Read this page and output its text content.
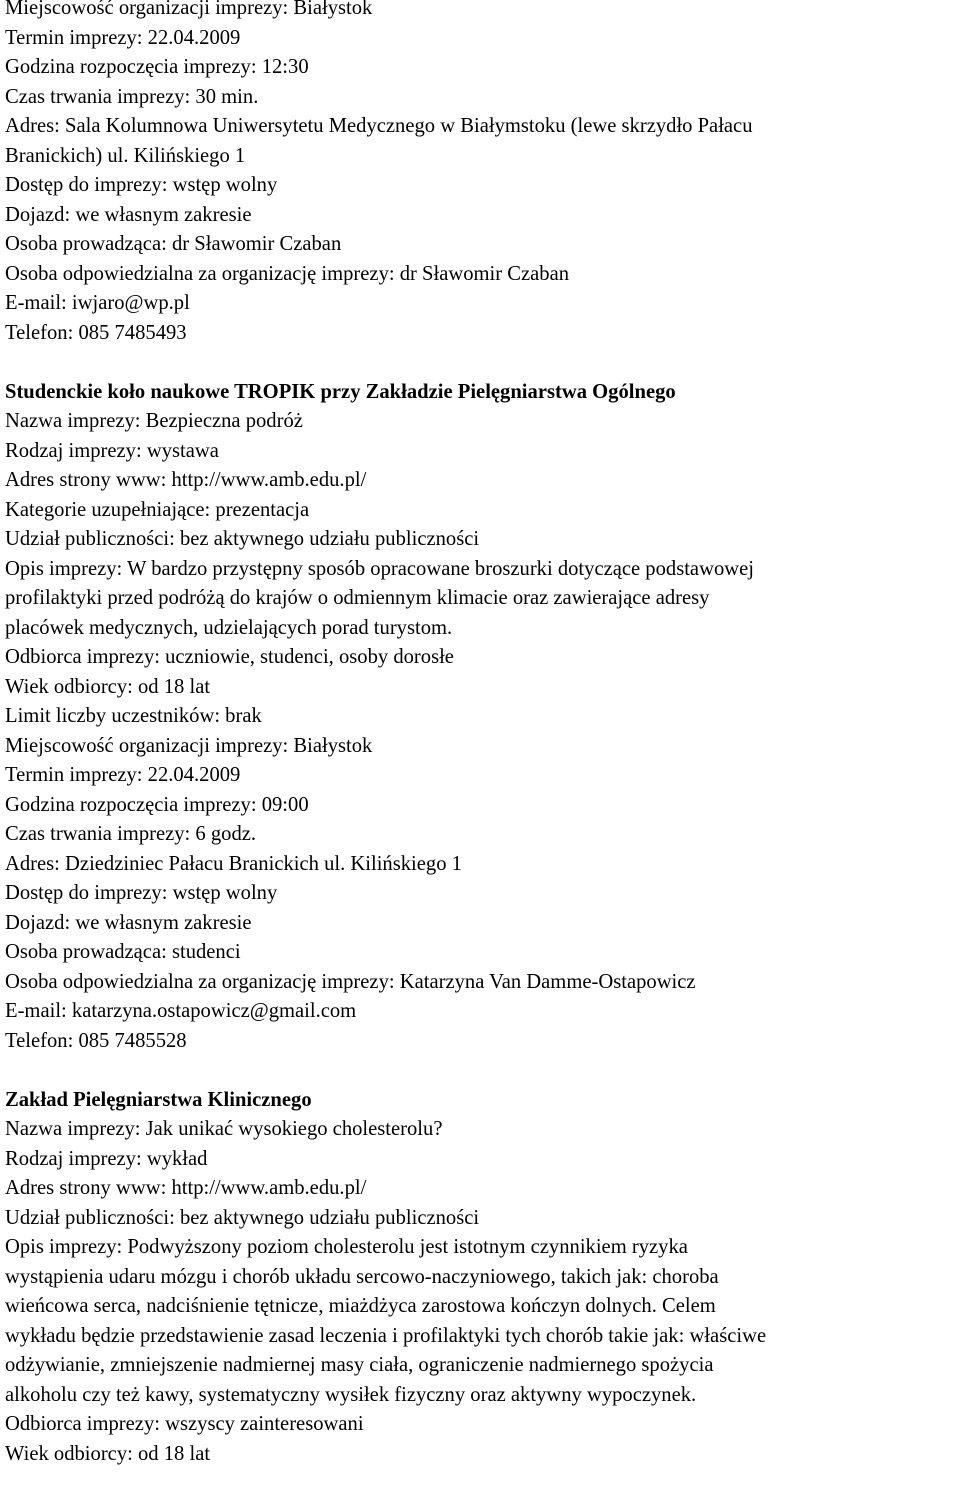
Miejscowość organizacji imprezy: Białystok
Termin imprezy: 22.04.2009
Godzina rozpoczęcia imprezy: 12:30
Czas trwania imprezy: 30 min.
Adres: Sala Kolumnowa Uniwersytetu Medycznego w Białymstoku (lewe skrzydło Pałacu
Branickich) ul. Kilińskiego 1
Dostęp do imprezy: wstęp wolny
Dojazd: we własnym zakresie
Osoba prowadząca: dr Sławomir Czaban
Osoba odpowiedzialna za organizację imprezy: dr Sławomir Czaban
E-mail: iwjaro@wp.pl
Telefon: 085 7485493
Studenckie koło naukowe TROPIK przy Zakładzie Pielęgniarstwa Ogólnego
Nazwa imprezy: Bezpieczna podróż
Rodzaj imprezy: wystawa
Adres strony www: http://www.amb.edu.pl/
Kategorie uzupełniające: prezentacja
Udział publiczności: bez aktywnego udziału publiczności
Opis imprezy: W bardzo przystępny sposób opracowane broszurki dotyczące podstawowej
profilaktyki przed podróżą do krajów o odmiennym klimacie oraz zawierające adresy
placówek medycznych, udzielających porad turystom.
Odbiorca imprezy: uczniowie, studenci, osoby dorosłe
Wiek odbiorcy: od 18 lat
Limit liczby uczestników: brak
Miejscowość organizacji imprezy: Białystok
Termin imprezy: 22.04.2009
Godzina rozpoczęcia imprezy: 09:00
Czas trwania imprezy: 6 godz.
Adres: Dziedziniec Pałacu Branickich ul. Kilińskiego 1
Dostęp do imprezy: wstęp wolny
Dojazd: we własnym zakresie
Osoba prowadząca: studenci
Osoba odpowiedzialna za organizację imprezy: Katarzyna Van Damme-Ostapowicz
E-mail: katarzyna.ostapowicz@gmail.com
Telefon: 085 7485528
Zakład Pielęgniarstwa Klinicznego
Nazwa imprezy: Jak unikać wysokiego cholesterolu?
Rodzaj imprezy: wykład
Adres strony www: http://www.amb.edu.pl/
Udział publiczności: bez aktywnego udziału publiczności
Opis imprezy: Podwyższony poziom cholesterolu jest istotnym czynnikiem ryzyka
wystąpienia udaru mózgu i chorób układu sercowo-naczyniowego, takich jak: choroba
wieńcowa serca, nadciśnienie tętnicze, miażdżyca zarostowa kończyn dolnych. Celem
wykładu będzie przedstawienie zasad leczenia i profilaktyki tych chorób takie jak: właściwe
odżywianie, zmniejszenie nadmiernej masy ciała, ograniczenie nadmiernego spożycia
alkoholu czy też kawy, systematyczny wysiłek fizyczny oraz aktywny wypoczynek.
Odbiorca imprezy: wszyscy zainteresowani
Wiek odbiorcy: od 18 lat
